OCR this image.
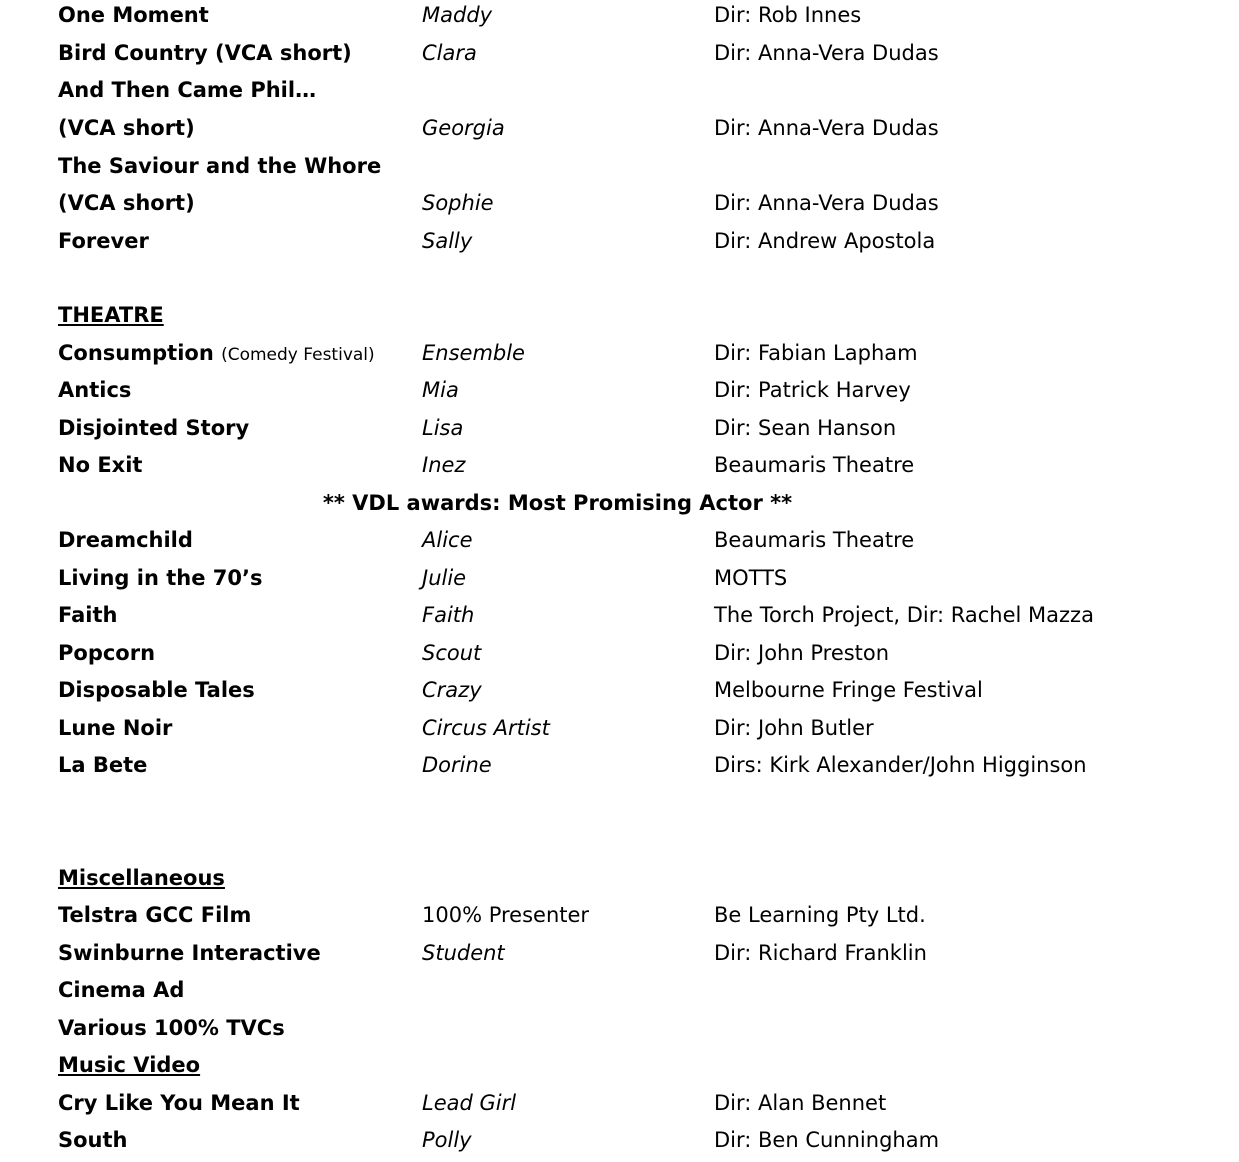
One Moment	Maddy	Dir: Rob Innes
Bird Country (VCA short)	Clara	Dir: Anna-Vera Dudas
And Then Came Phil…
(VCA short)	Georgia	Dir: Anna-Vera Dudas
The Saviour and the Whore
(VCA short)	Sophie	Dir: Anna-Vera Dudas
Forever	Sally	Dir: Andrew Apostola
THEATRE
Consumption (Comedy Festival) Ensemble	Dir: Fabian Lapham
Antics	Mia	Dir: Patrick Harvey
Disjointed Story	Lisa	Dir: Sean Hanson
No Exit	Inez	Beaumaris Theatre
** VDL awards: Most Promising Actor **
Dreamchild	Alice	Beaumaris Theatre
Living in the 70’s	Julie	MOTTS
Faith	Faith	The Torch Project, Dir: Rachel Mazza
Popcorn	Scout	Dir: John Preston
Disposable Tales	Crazy	Melbourne Fringe Festival
Lune Noir	Circus Artist	Dir: John Butler
La Bete	Dorine	Dirs: Kirk Alexander/John Higginson
Miscellaneous
Telstra GCC Film	100% Presenter	Be Learning Pty Ltd.
Swinburne Interactive	Student	Dir: Richard Franklin
Cinema Ad
Various 100% TVCs
Music Video
Cry Like You Mean It	Lead Girl	Dir: Alan Bennet
South	Polly	Dir: Ben Cunningham
